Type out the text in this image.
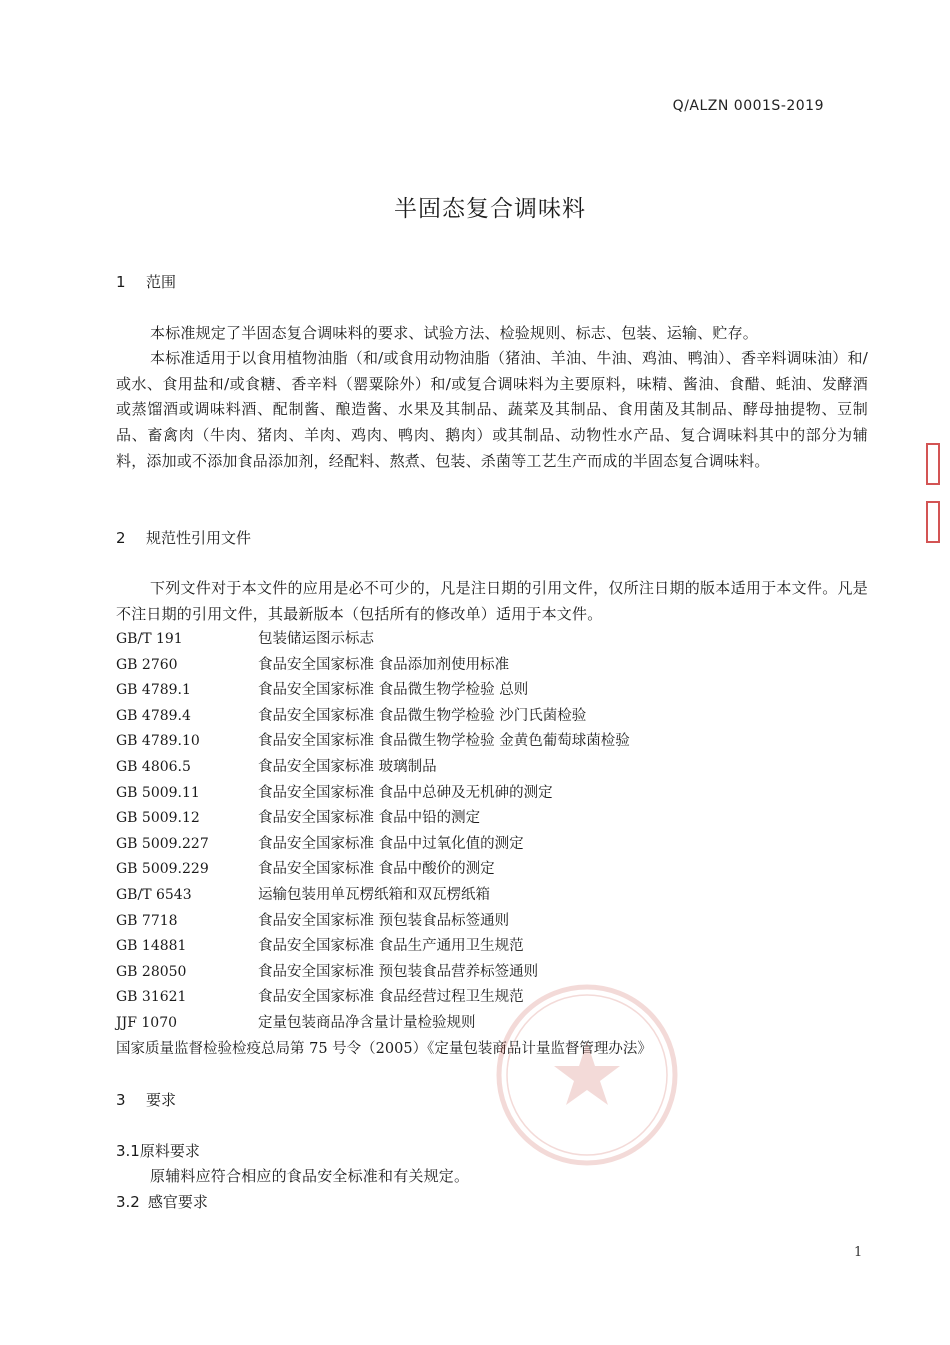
Q/ALZN 0001S-2019
半固态复合调味料
1 范围
本标准规定了半固态复合调味料的要求、试验方法、检验规则、标志、包装、运输、贮存。
本标准适用于以食用植物油脂（和/或食用动物油脂（猪油、羊油、牛油、鸡油、鸭油）、香辛料调味油）和/或水、食用盐和/或食糖、香辛料（罂粟除外）和/或复合调味料为主要原料，味精、酱油、食醋、蚝油、发酵酒或蒸馏酒或调味料酒、配制酱、酿造酱、水果及其制品、蔬菜及其制品、食用菌及其制品、酵母抽提物、豆制品、畜禽肉（牛肉、猪肉、羊肉、鸡肉、鸭肉、鹅肉）或其制品、动物性水产品、复合调味料其中的部分为辅料，添加或不添加食品添加剂，经配料、熬煮、包装、杀菌等工艺生产而成的半固态复合调味料。
2 规范性引用文件
下列文件对于本文件的应用是必不可少的，凡是注日期的引用文件，仅所注日期的版本适用于本文件。凡是不注日期的引用文件，其最新版本（包括所有的修改单）适用于本文件。
GB/T 191	包装储运图示标志
GB 2760	食品安全国家标准 食品添加剂使用标准
GB 4789.1	食品安全国家标准 食品微生物学检验 总则
GB 4789.4	食品安全国家标准 食品微生物学检验 沙门氏菌检验
GB 4789.10	食品安全国家标准 食品微生物学检验 金黄色葡萄球菌检验
GB 4806.5	食品安全国家标准 玻璃制品
GB 5009.11	食品安全国家标准 食品中总砷及无机砷的测定
GB 5009.12	食品安全国家标准 食品中铅的测定
GB 5009.227	食品安全国家标准 食品中过氧化值的测定
GB 5009.229	食品安全国家标准 食品中酸价的测定
GB/T 6543	运输包装用单瓦楞纸箱和双瓦楞纸箱
GB 7718	食品安全国家标准 预包装食品标签通则
GB 14881	食品安全国家标准 食品生产通用卫生规范
GB 28050	食品安全国家标准 预包装食品营养标签通则
GB 31621	食品安全国家标准 食品经营过程卫生规范
JJF 1070	定量包装商品净含量计量检验规则
国家质量监督检验检疫总局第 75 号令（2005）《定量包装商品计量监督管理办法》
3 要求
3.1原料要求
原辅料应符合相应的食品安全标准和有关规定。
3.2 感官要求
1
